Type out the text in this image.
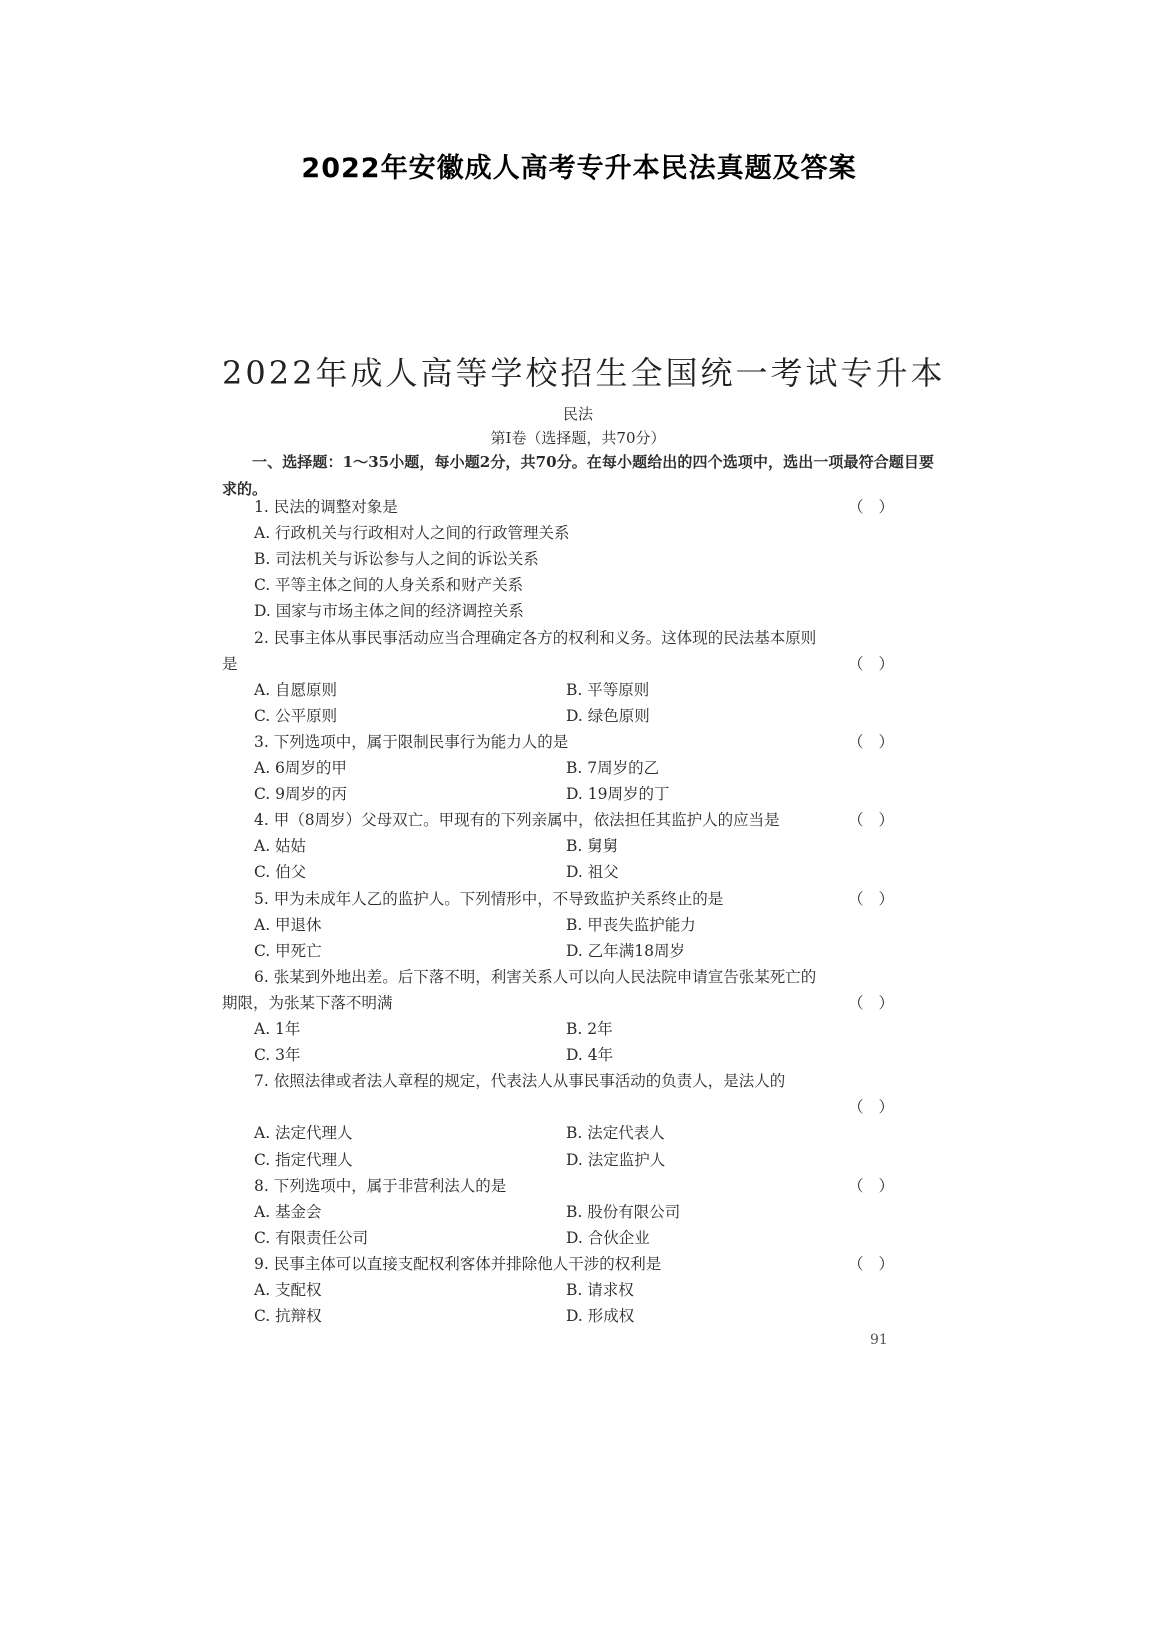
2022年安徽成人高考专升本民法真题及答案
2022年成人高等学校招生全国统一考试专升本
民法
第Ⅰ卷（选择题，共70分）
一、选择题：1～35小题，每小题2分，共70分。在每小题给出的四个选项中，选出一项最符合题目要求的。
1. 民法的调整对象是	（ ）
A. 行政机关与行政相对人之间的行政管理关系
B. 司法机关与诉讼参与人之间的诉讼关系
C. 平等主体之间的人身关系和财产关系
D. 国家与市场主体之间的经济调控关系
2. 民事主体从事民事活动应当合理确定各方的权利和义务。这体现的民法基本原则
是	（ ）
A. 自愿原则	B. 平等原则
C. 公平原则	D. 绿色原则
3. 下列选项中，属于限制民事行为能力人的是	（ ）
A. 6周岁的甲	B. 7周岁的乙
C. 9周岁的丙	D. 19周岁的丁
4. 甲（8周岁）父母双亡。甲现有的下列亲属中，依法担任其监护人的应当是	（ ）
A. 姑姑	B. 舅舅
C. 伯父	D. 祖父
5. 甲为未成年人乙的监护人。下列情形中，不导致监护关系终止的是	（ ）
A. 甲退休	B. 甲丧失监护能力
C. 甲死亡	D. 乙年满18周岁
6. 张某到外地出差。后下落不明，利害关系人可以向人民法院申请宣告张某死亡的
期限，为张某下落不明满	（ ）
A. 1年	B. 2年
C. 3年	D. 4年
7. 依照法律或者法人章程的规定，代表法人从事民事活动的负责人，是法人的
（ ）
A. 法定代理人	B. 法定代表人
C. 指定代理人	D. 法定监护人
8. 下列选项中，属于非营利法人的是	（ ）
A. 基金会	B. 股份有限公司
C. 有限责任公司	D. 合伙企业
9. 民事主体可以直接支配权利客体并排除他人干涉的权利是	（ ）
A. 支配权	B. 请求权
C. 抗辩权	D. 形成权
91
